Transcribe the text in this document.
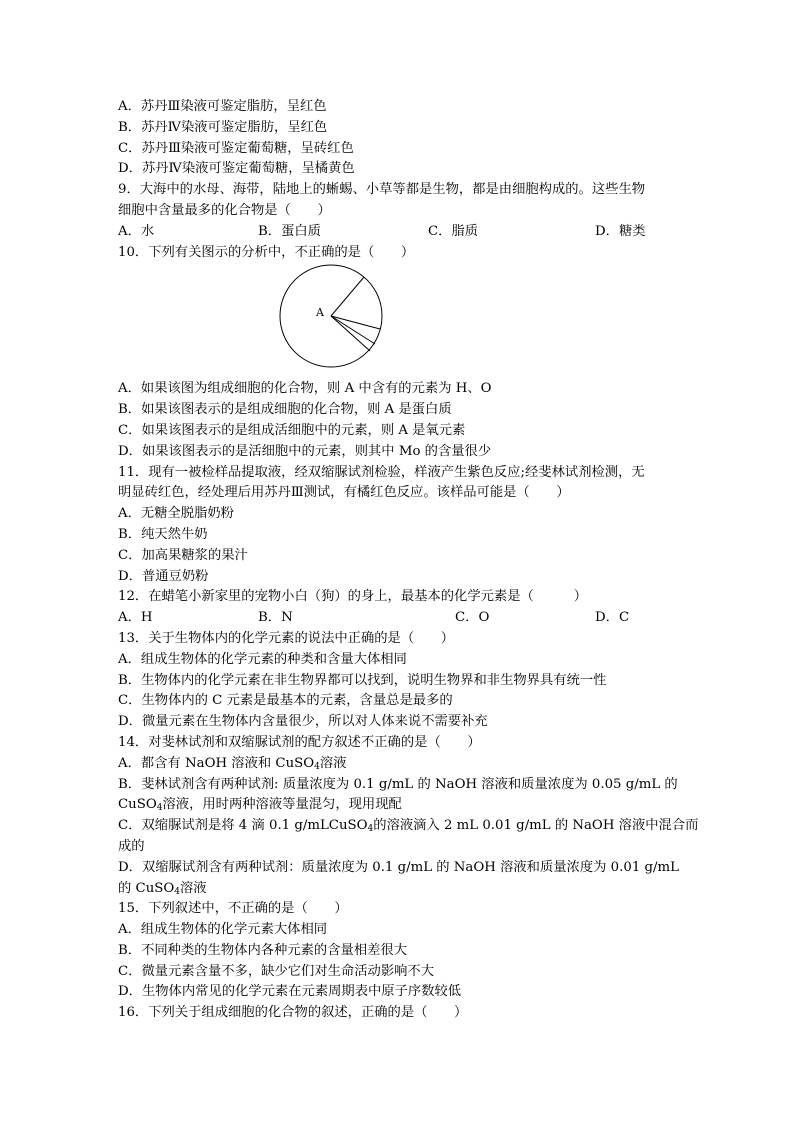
A．苏丹Ⅲ染液可鉴定脂肪，呈红色
B．苏丹Ⅳ染液可鉴定脂肪，呈红色
C．苏丹Ⅲ染液可鉴定葡萄糖，呈砖红色
D．苏丹Ⅳ染液可鉴定葡萄糖，呈橘黄色
9．大海中的水母、海带，陆地上的蜥蜴、小草等都是生物，都是由细胞构成的。这些生物
细胞中含量最多的化合物是（　　）
A．水	B．蛋白质	C．脂质	D．糖类
10．下列有关图示的分析中，不正确的是（　　）
A
A．如果该图为组成细胞的化合物，则 A 中含有的元素为 H、O
B．如果该图表示的是组成细胞的化合物，则 A 是蛋白质
C．如果该图表示的是组成活细胞中的元素，则 A 是氧元素
D．如果该图表示的是活细胞中的元素，则其中 Mo 的含量很少
11．现有一被检样品提取液，经双缩脲试剂检验，样液产生紫色反应;经斐林试剂检测，无
明显砖红色，经处理后用苏丹Ⅲ测试，有橘红色反应。该样品可能是（　　）
A．无糖全脱脂奶粉
B．纯天然牛奶
C．加高果糖浆的果汁
D．普通豆奶粉
12．在蜡笔小新家里的宠物小白（狗）的身上，最基本的化学元素是（　　　）
A．H	B．N	C．O	D．C
13．关于生物体内的化学元素的说法中正确的是（　　）
A．组成生物体的化学元素的种类和含量大体相同
B．生物体内的化学元素在非生物界都可以找到，说明生物界和非生物界具有统一性
C．生物体内的 C 元素是最基本的元素，含量总是最多的
D．微量元素在生物体内含量很少，所以对人体来说不需要补充
14．对斐林试剂和双缩脲试剂的配方叙述不正确的是（　　）
A．都含有 NaOH 溶液和 CuSO$_4$溶液
B．斐林试剂含有两种试剂: 质量浓度为 0.1 g/mL 的 NaOH 溶液和质量浓度为 0.05 g/mL 的
CuSO$_4$溶液，用时两种溶液等量混匀，现用现配
C．双缩脲试剂是将 4 滴 0.1 g/mLCuSO$_4$的溶液滴入 2 mL 0.01 g/mL 的 NaOH 溶液中混合而
成的
D．双缩脲试剂含有两种试剂：质量浓度为 0.1 g/mL 的 NaOH 溶液和质量浓度为 0.01 g/mL
的 CuSO$_4$溶液
15．下列叙述中，不正确的是（　　）
A．组成生物体的化学元素大体相同
B．不同种类的生物体内各种元素的含量相差很大
C．微量元素含量不多，缺少它们对生命活动影响不大
D．生物体内常见的化学元素在元素周期表中原子序数较低
16．下列关于组成细胞的化合物的叙述，正确的是（　　）
